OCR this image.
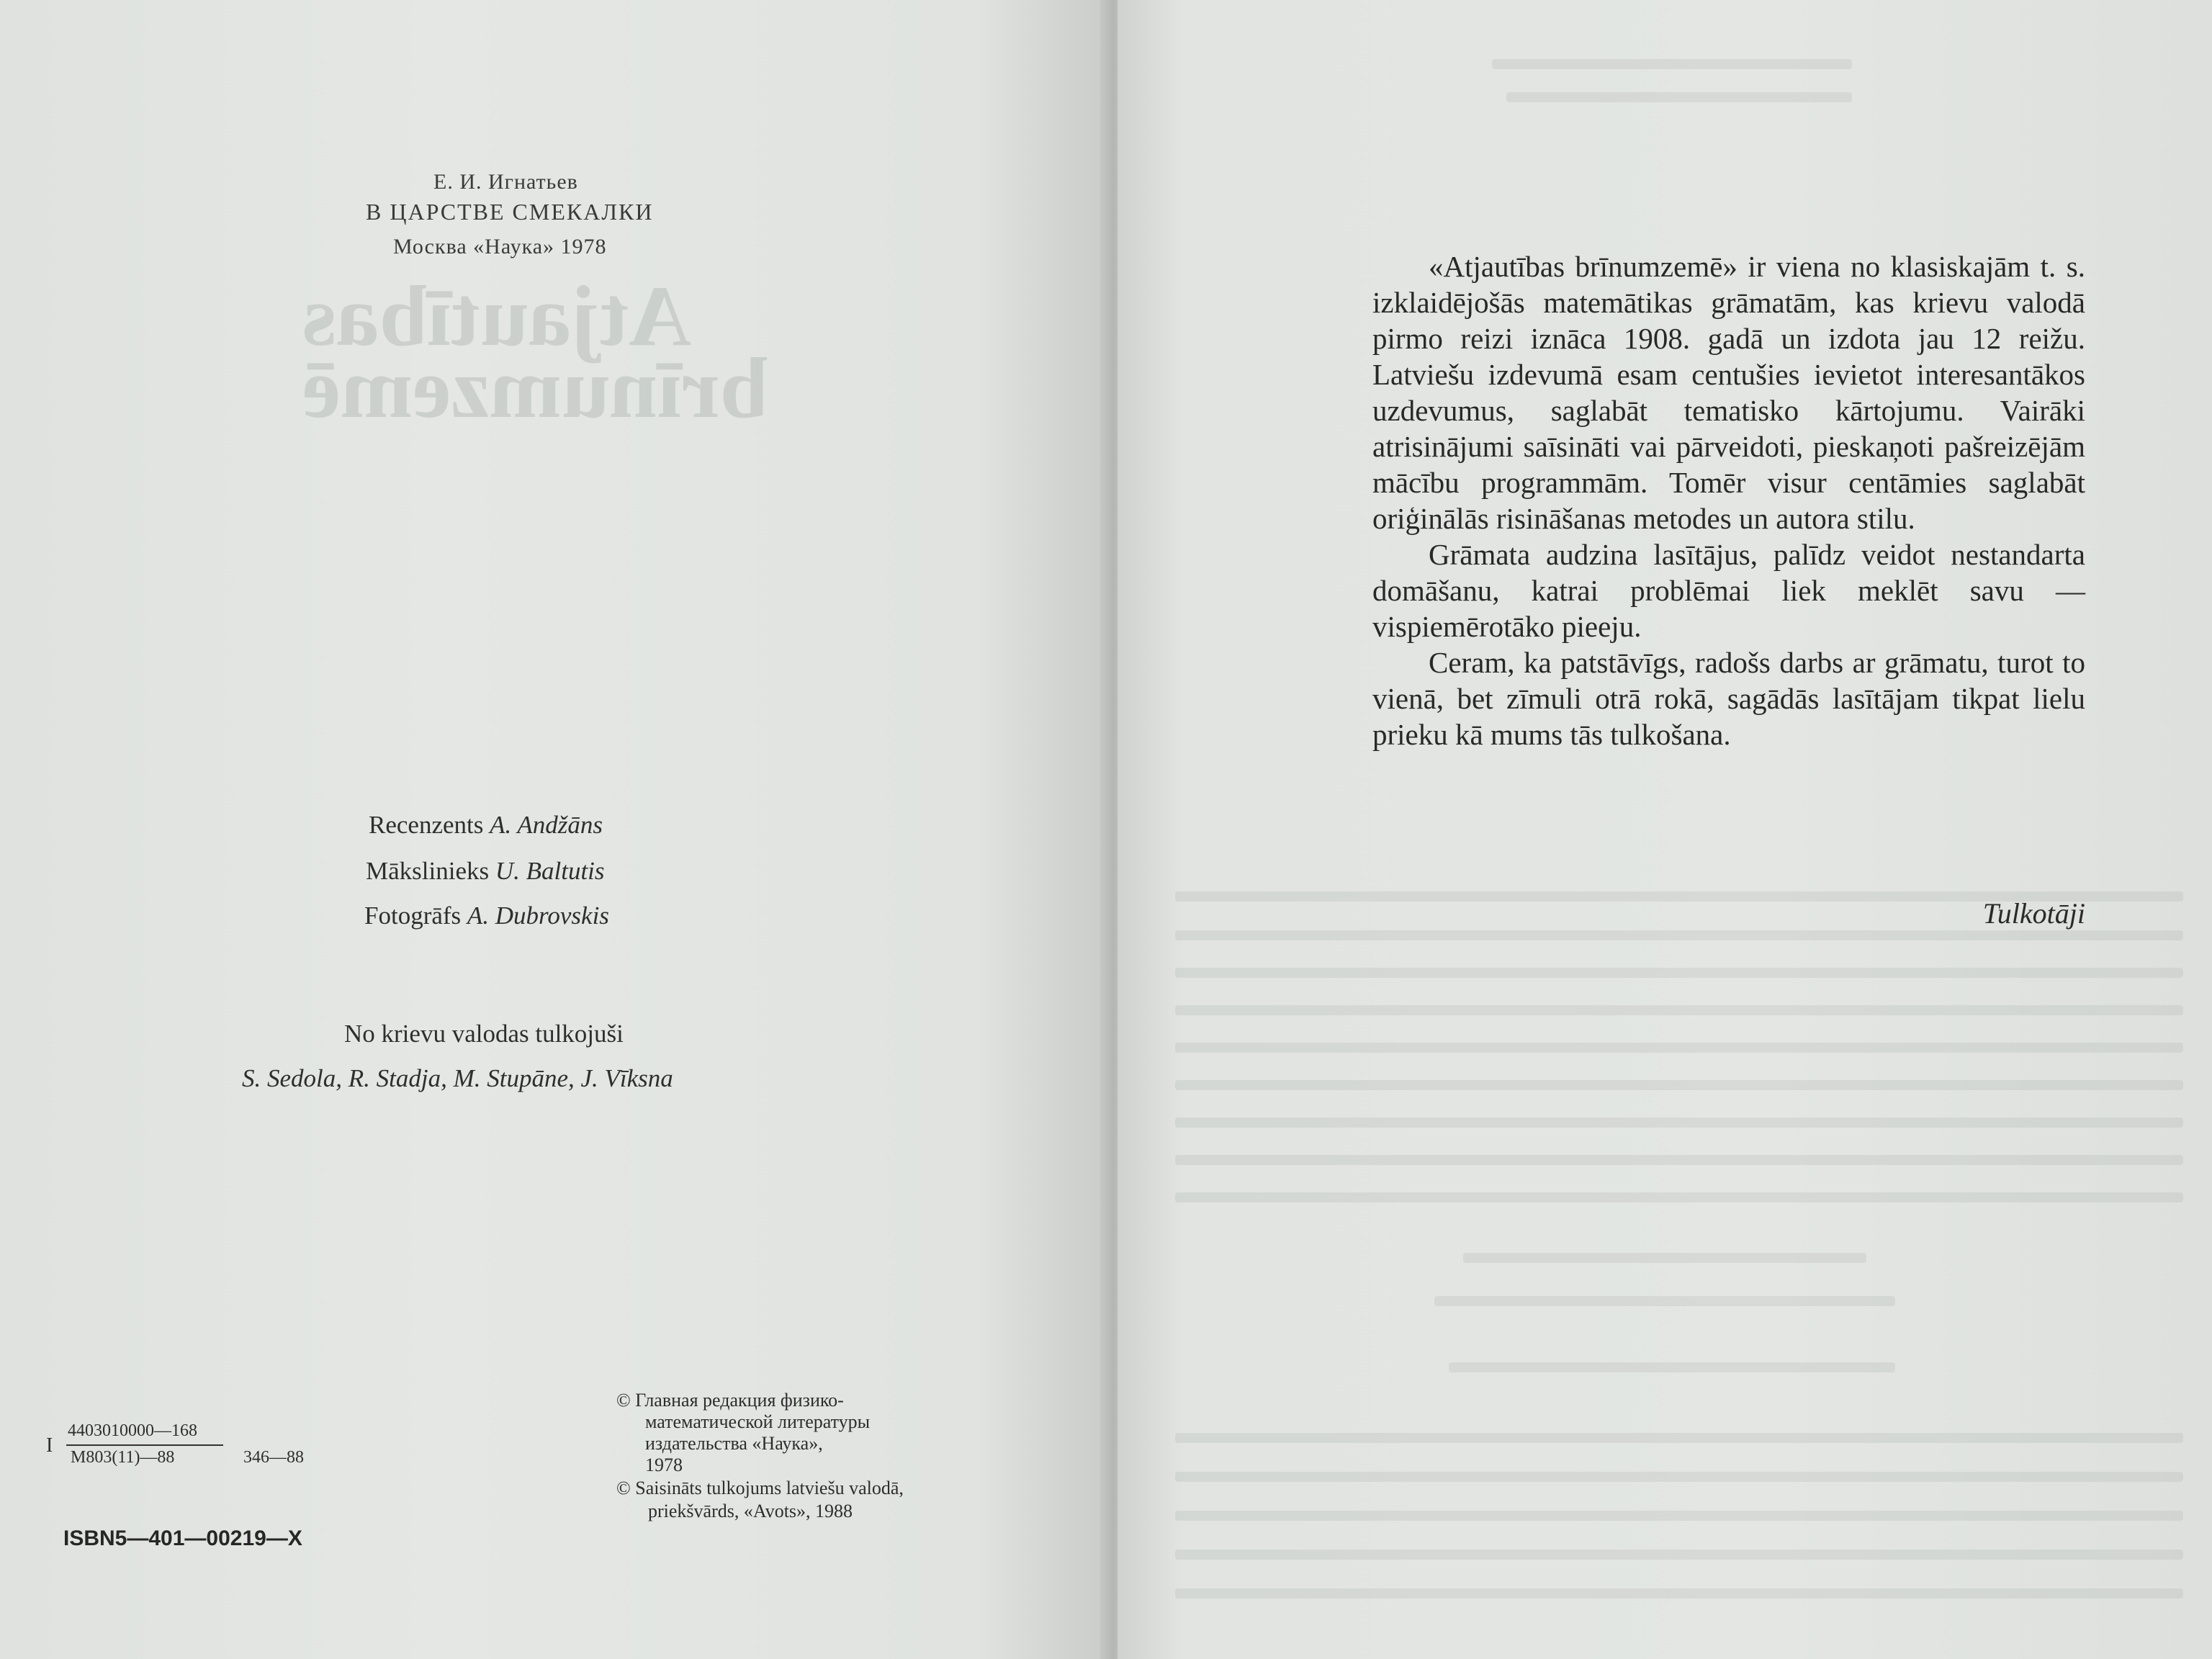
Atjautības
brīnumzemē
Е. И. Игнатьев
В ЦАРСТВЕ СМЕКАЛКИ
Москва «Наука» 1978
Recenzents A. Andžāns
Mākslinieks U. Baltutis
Fotogrāfs A. Dubrovskis
No krievu valodas tulkojuši
S. Sedola, R. Stadja, M. Stupāne, J. Vīksna
I
4403010000—168
M803(11)—88	346—88
ISBN5—401—00219—X
© Главная редакция физико-
математической литературы
издательства «Наука»,
1978
© Saisināts tulkojums latviešu valodā,
priekšvārds, «Avots», 1988

«Atjautības brīnumzemē» ir viena no klasiskajām t. s. izklaidējošās matemātikas grāmatām, kas krievu valodā pirmo reizi iznāca 1908. gadā un izdota jau 12 reižu. Latviešu izdevumā esam centušies ievietot interesantākos uzdevumus, saglabāt tematisko kārtojumu. Vairāki atrisinājumi saīsināti vai pārveidoti, pieskaņoti pašreizējām mācību programmām. Tomēr visur centāmies saglabāt oriģinālās risināšanas metodes un autora stilu.

Grāmata audzina lasītājus, palīdz veidot nestandarta domāšanu, katrai problēmai liek meklēt savu — vispiemērotāko pieeju.

Ceram, ka patstāvīgs, radošs darbs ar grāmatu, turot to vienā, bet zīmuli otrā rokā, sagādās lasītājam tikpat lielu prieku kā mums tās tulkošana.

Tulkotāji
